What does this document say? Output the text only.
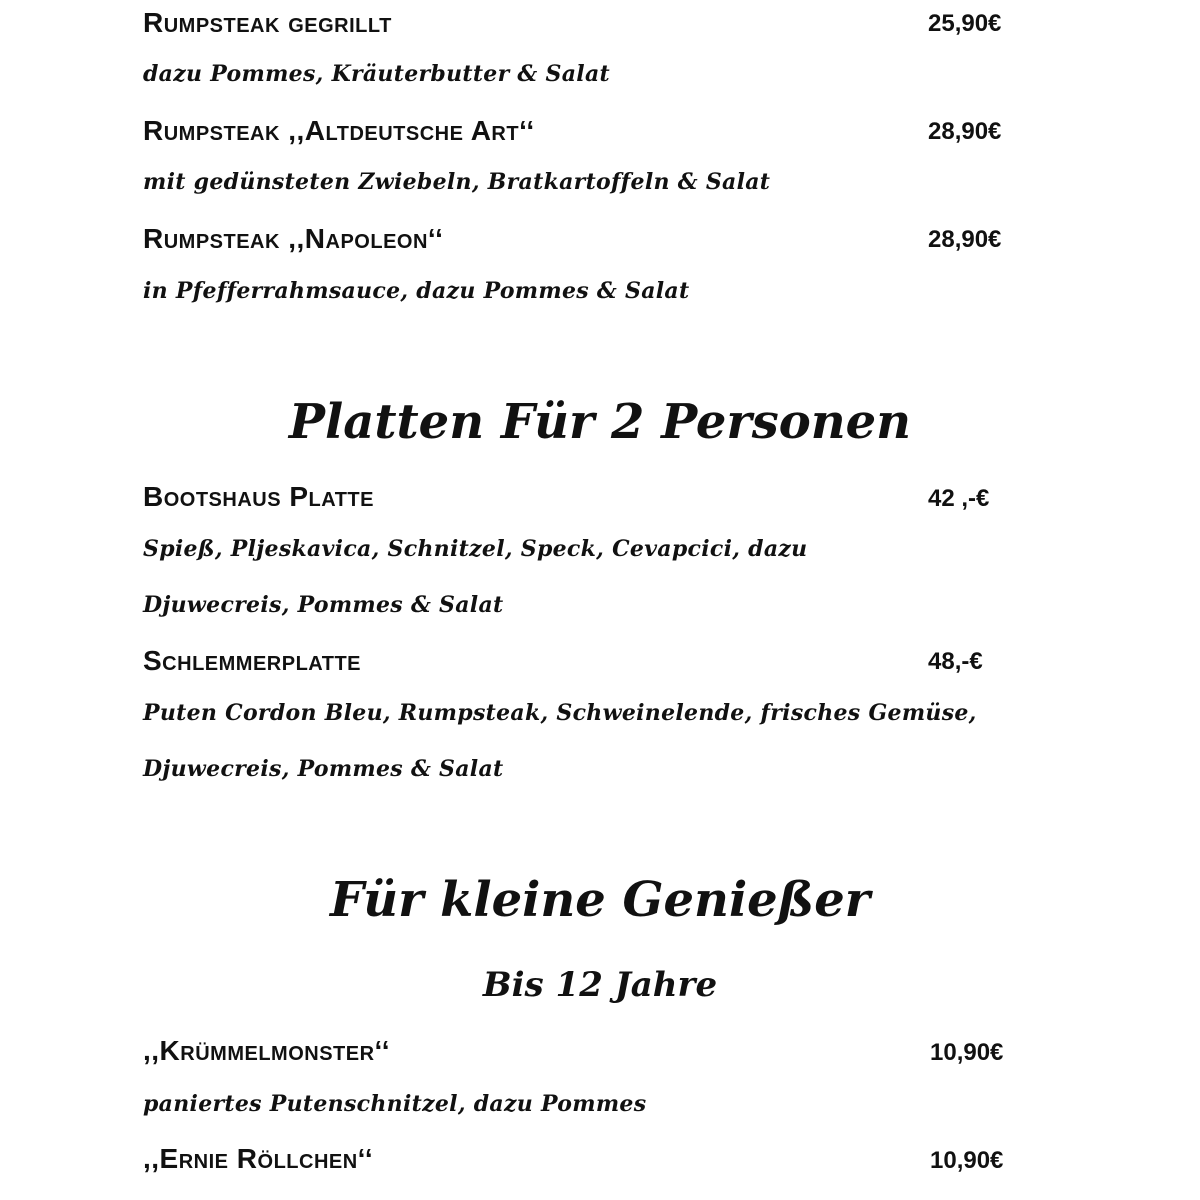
Rumpsteak gegrillt	25,90€
dazu Pommes, Kräuterbutter & Salat
Rumpsteak ,,Altdeutsche Art‘‘	28,90€
mit gedünsteten Zwiebeln, Bratkartoffeln & Salat
Rumpsteak ,,Napoleon‘‘	28,90€
in Pfefferrahmsauce, dazu Pommes & Salat
Platten Für 2 Personen
Bootshaus Platte	42 ,-€
Spieß, Pljeskavica, Schnitzel, Speck, Cevapcici, dazu
Djuwecreis, Pommes & Salat
Schlemmerplatte	48,-€
Puten Cordon Bleu, Rumpsteak, Schweinelende, frisches Gemüse,
Djuwecreis, Pommes & Salat
Für kleine Genießer
Bis 12 Jahre
,,Krümmelmonster‘‘	10,90€
paniertes Putenschnitzel, dazu Pommes
,,Ernie Röllchen‘‘	10,90€
